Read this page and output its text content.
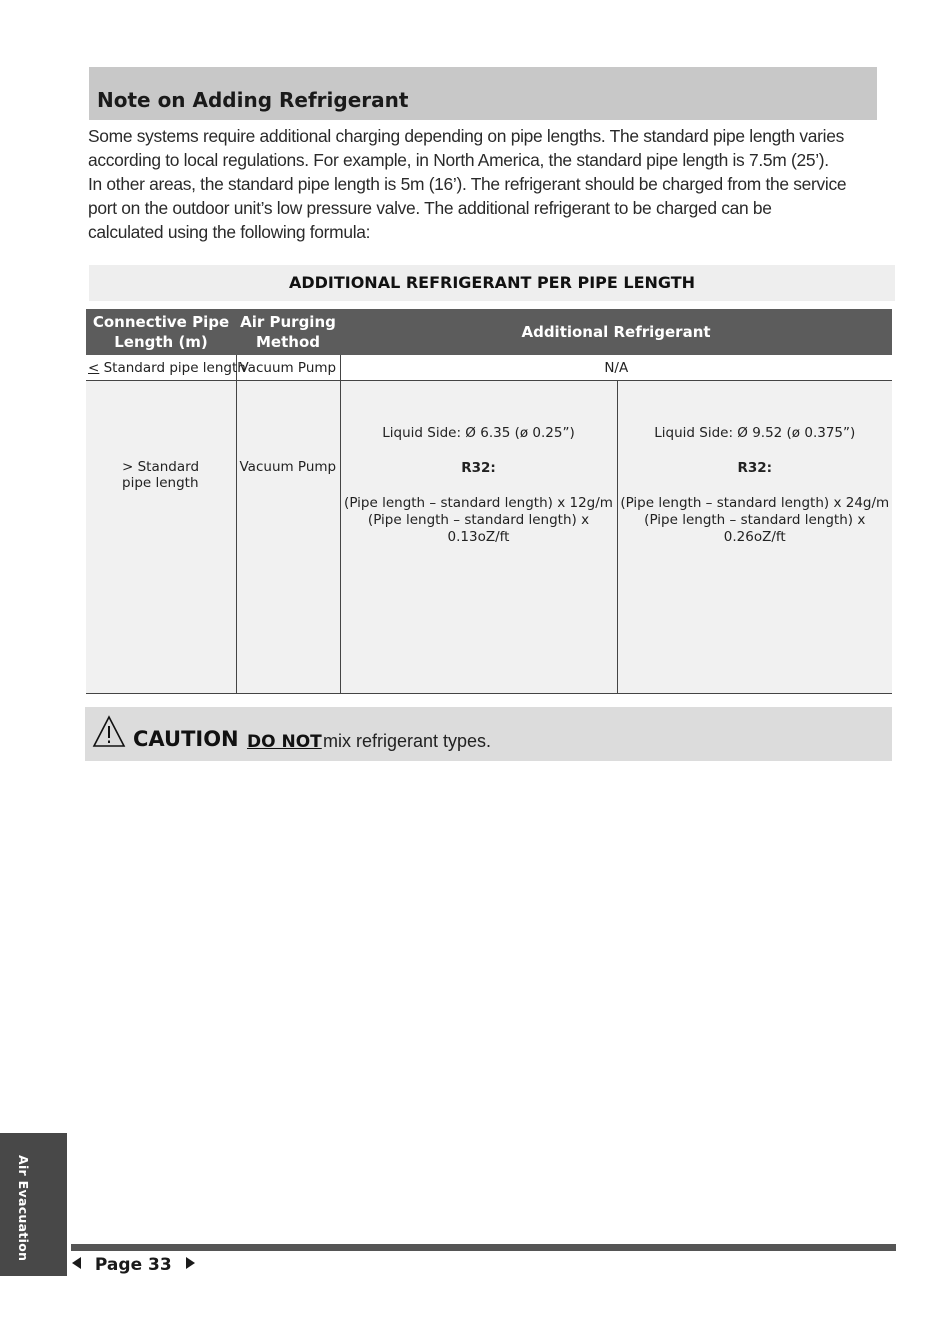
Note on Adding Refrigerant

Some systems require additional charging depending on pipe lengths. The standard pipe length varies
according to local regulations. For example, in North America, the standard pipe length is 7.5m (25’).
In other areas, the standard pipe length is 5m (16’). The refrigerant should be charged from the service
port on the outdoor unit’s low pressure valve. The additional refrigerant to be charged can be
calculated using the following formula:

ADDITIONAL REFRIGERANT PER PIPE LENGTH
Connective Pipe Length (m)	Air Purging Method	Additional Refrigerant	
< Standard pipe length	Vacuum Pump	N/A	
> Standard pipe length	Vacuum Pump	Liquid Side: Ø 6.35 (ø 0.25”)
R32:
(Pipe length – standard length) x 12g/m
(Pipe length – standard length) x 0.13oZ/ft	Liquid Side: Ø 9.52 (ø 0.375”)
R32:
(Pipe length – standard length) x 24g/m
(Pipe length – standard length) x 0.26oZ/ft
CAUTION DO NOT mix refrigerant types.
Air Evacuation
Page 33
